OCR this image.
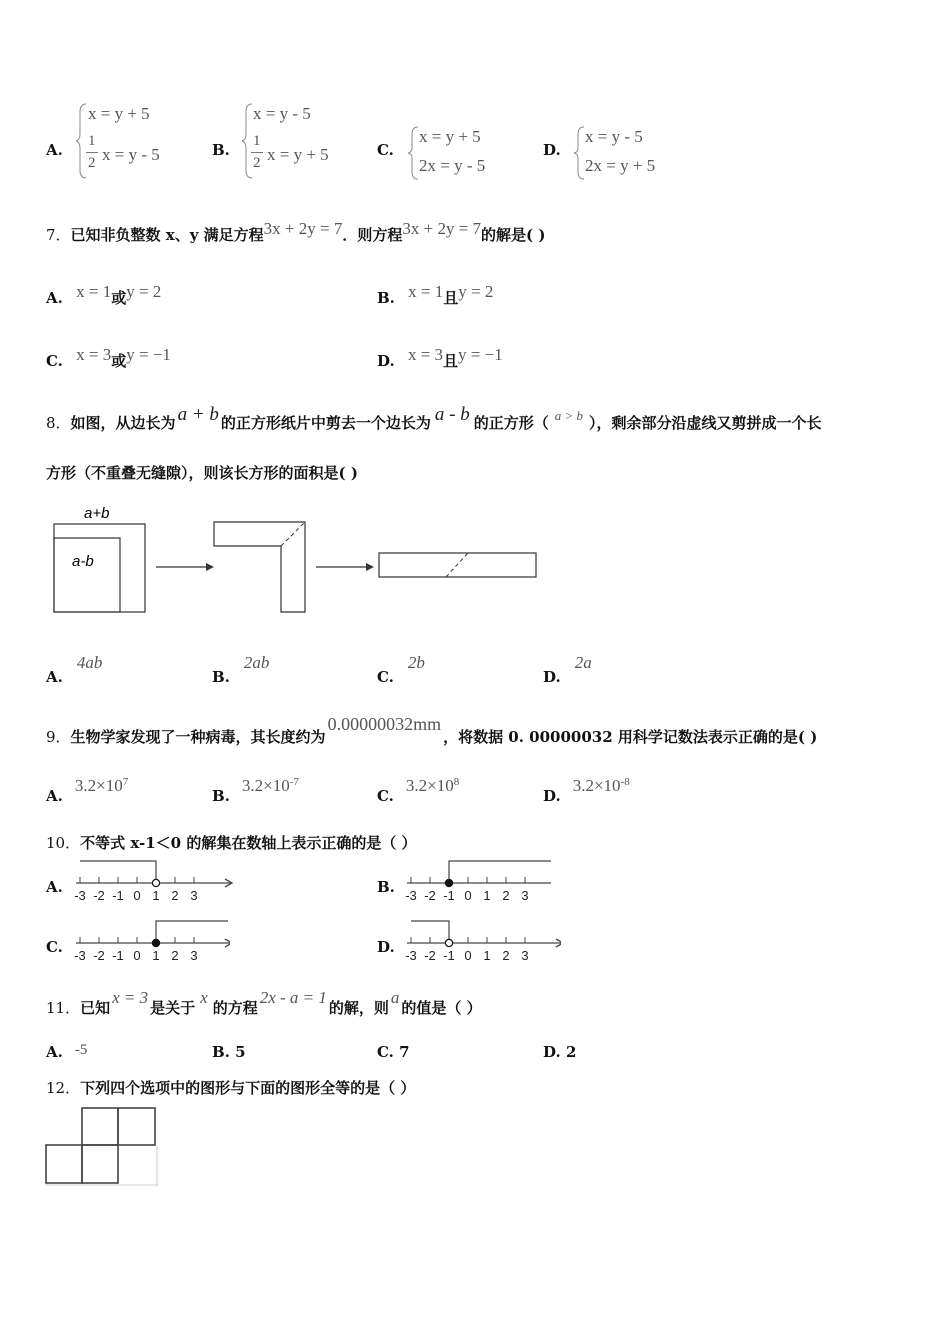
A.
x = y + 5
1
2 x = y - 5	B.
x = y - 5
1
2 x = y + 5	C.
x = y + 5
2x = y - 5
D.
x = y - 5
2x = y + 5
7．已知非负整数 x、y 满足方程3x + 2y = 7．则方程3x + 2y = 7的解是( )
A. x = 1或y = 2	B. x = 1且y = 2
C. x = 3或y = −1	D. x = 3且y = −1
8．如图，从边长为 a + b 的正方形纸片中剪去一个边长为 a - b 的正方形（ a > b ），剩余部分沿虚线又剪拼成一个长
方形（不重叠无缝隙），则该长方形的面积是( )
a+b
a-b
A.4ab
B.2ab
C.2b
D.2a
9．生物学家发现了一种病毒，其长度约为0.00000032mm，将数据 0. 00000032 用科学记数法表示正确的是( )
$A.3.2\times 10^7$
$B.3.2\times 10^{-7}$
$C.3.2\times 10^8$
$D.3.2\times 10^{-8}$
10．不等式 x-1＜0 的解集在数轴上表示正确的是（ ）
A. -3 -2 -1 0 1 2 3	B. -3 -2 -1 0 1 2 3
C. -3 -2 -1 0 1 2 3	D. -3 -2 -1 0 1 2 3
11．已知x = 3是关于x的方程2x - a = 1的解，则a的值是（ ）
A. -5	B. 5	C. 7	D. 2
12．下列四个选项中的图形与下面的图形全等的是（ ）
